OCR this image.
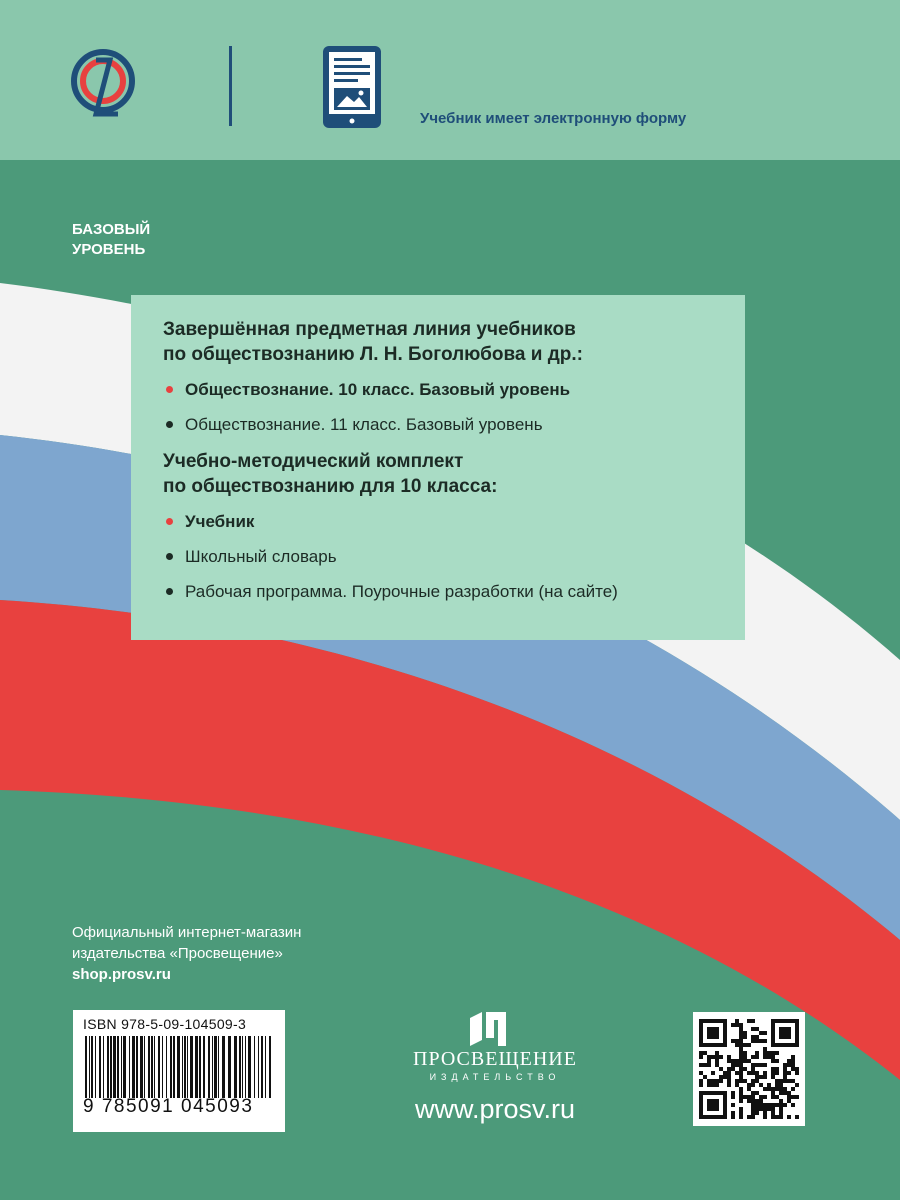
Учебник имеет электронную форму
БАЗОВЫЙ
УРОВЕНЬ
Завершённая предметная линия учебников
по обществознанию Л. Н. Боголюбова и др.:
Обществознание. 10 класс. Базовый уровень
Обществознание. 11 класс. Базовый уровень
Учебно-методический комплект
по обществознанию для 10 класса:
Учебник
Школьный словарь
Рабочая программа. Поурочные разработки (на сайте)
Официальный интернет-магазин
издательства «Просвещение»
shop.prosv.ru
ISBN 978-5-09-104509-3
9 785091 045093
ПРОСВЕЩЕНИЕ
ИЗДАТЕЛЬСТВО
www.prosv.ru
